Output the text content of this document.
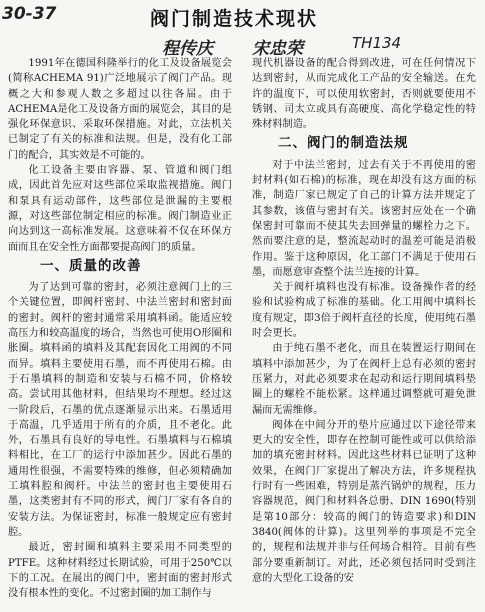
30-37	阀门制造技术现状
程传庆 宋忠荣	TH134

1991年在德国科隆举行的化工及设备展览会(简称ACHEMA 91)广泛地展示了阀门产品。现概之大和参观人数之多超过以往各届。由于ACHEMA是化工及设备方面的展览会，其目的是强化环保意识、采取环保措施。对此，立法机关已制定了有关的标准和法规。但是，没有化工部门的配合，其实效是不可能的。

化工设备主要由容器、泵、管道和阀门组成，因此首先应对这些部位采取监视措施。阀门和泵具有运动部件，这些部位是泄漏的主要根源，对这些部位制定相应的标准。阀门制造业正向达到这一高标准发展。这意味着不仅在环保方面而且在安全性方面都要提高阀门的质量。

一、质量的改善

为了达到可靠的密封，必须注意阀门上的三个关键位置，即阀杆密封、中法兰密封和密封面的密封。阀杆的密封通常采用填料函。能适应较高压力和较高温度的场合，当然也可使用O形圈和胀圈。填料函的填料及其配套因化工用阀的不同而异。填料主要使用石墨，而不再使用石棉。由于石墨填料的制造和安装与石棉不同，价格较高。尝试用其他材料，但结果均不理想。经过这一阶段后，石墨的优点逐渐显示出来。石墨适用于高温，几乎适用于所有的介质，且不老化。此外，石墨具有良好的导电性。石墨填料与石棉填料相比，在工厂的运行中添加甚少。因此石墨的通用性很强，不需要特殊的维修，但必须精确加工填料腔和阀杆。中法兰的密封也主要使用石墨，这类密封有不同的形式，阀门厂家有各自的安装方法。为保证密封，标准一般规定应有密封腔。

最近，密封圈和填料主要采用不同类型的PTFE。这种材料经过长期试验，可用于250℃以下的工况。在展出的阀门中，密封面的密封形式没有根本性的变化。不过密封圈的加工制作与

现代机器设备的配合得到改进，可在任何情况下达到密封，从而完成化工产品的安全输送。在允许的温度下，可以使用软密封，否则就要使用不锈钢、司太立或具有高硬度、高化学稳定性的特殊材料制造。

二、阀门的制造法规

对于中法兰密封，过去有关于不再使用的密封材料(如石棉)的标准，现在却没有这方面的标准，制造厂家已规定了自己的计算方法并规定了其参数，该值与密封有关。该密封应处在一个确保密封可靠而不使其失去回弹量的螺栓力之下。然而要注意的是，整流起动时的温差可能是消极作用。鉴于这种原因，化工部门不满足于使用石墨，而愿意审查整个法兰连接的计算。

关于阀杆填料也没有标准。设备操作者的经验和试验构成了标准的基础。化工用阀中填料长度有规定，即3倍于阀杆直径的长度，使用纯石墨时会更长。

由于纯石墨不老化，而且在装置运行期间在填料中添加甚少，为了在阀杆上总有必须的密封压紧力，对此必须要求在起动和运行期间填料垫圈上的螺栓不能松紧。这样通过调整就可避免泄漏而无需维修。

阀体在中间分开的垫片应通过以下途径带来更大的安全性，即存在控制可能性或可以供给添加的填充密封材料。因此这些材料已证明了这种效果，在阀门厂家提出了解决方法，许多规程执行时有一些困难，特别是蒸汽锅炉的规程，压力容器规范，阀门和材料各总册、DIN 1690(特别是第10部分：较高的阀门的铸造要求)和DIN 3840(阀体的计算)。这里列举的事项是不完全的，规程和法规并非与任何场合相符。目前有些部分要重新制订。对此，还必须包括同时受到注意的大型化工设备的安
